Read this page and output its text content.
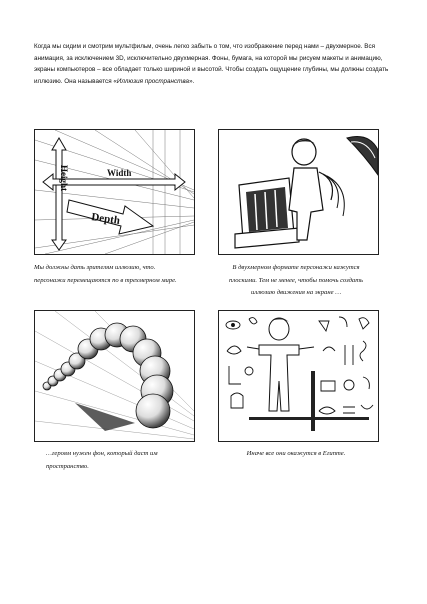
Когда мы сидим и смотрим мультфильм, очень легко забыть о том, что изображение перед нами – двухмерное. Вся анимация, за исключением 3D, исключительно двухмерная. Фоны, бумага, на которой мы рисуем макеты и анимацию, экраны компьютеров – все обладает только шириной и высотой. Чтобы создать ощущение глубины, мы должны создать иллюзию. Она называется «Иллюзия пространства».
Height	Width
Depth
Мы должны дать зрителям иллюзию, что.
персонажи перемещаются по в трехмерном мире.
В двухмерном формате персонажи кажутся
плоскими. Тем не менее, чтобы помочь создать
иллюзию движения на экране …
…героям нужен фон, который даст им
пространство.
Иначе все они окажутся в Египте.
